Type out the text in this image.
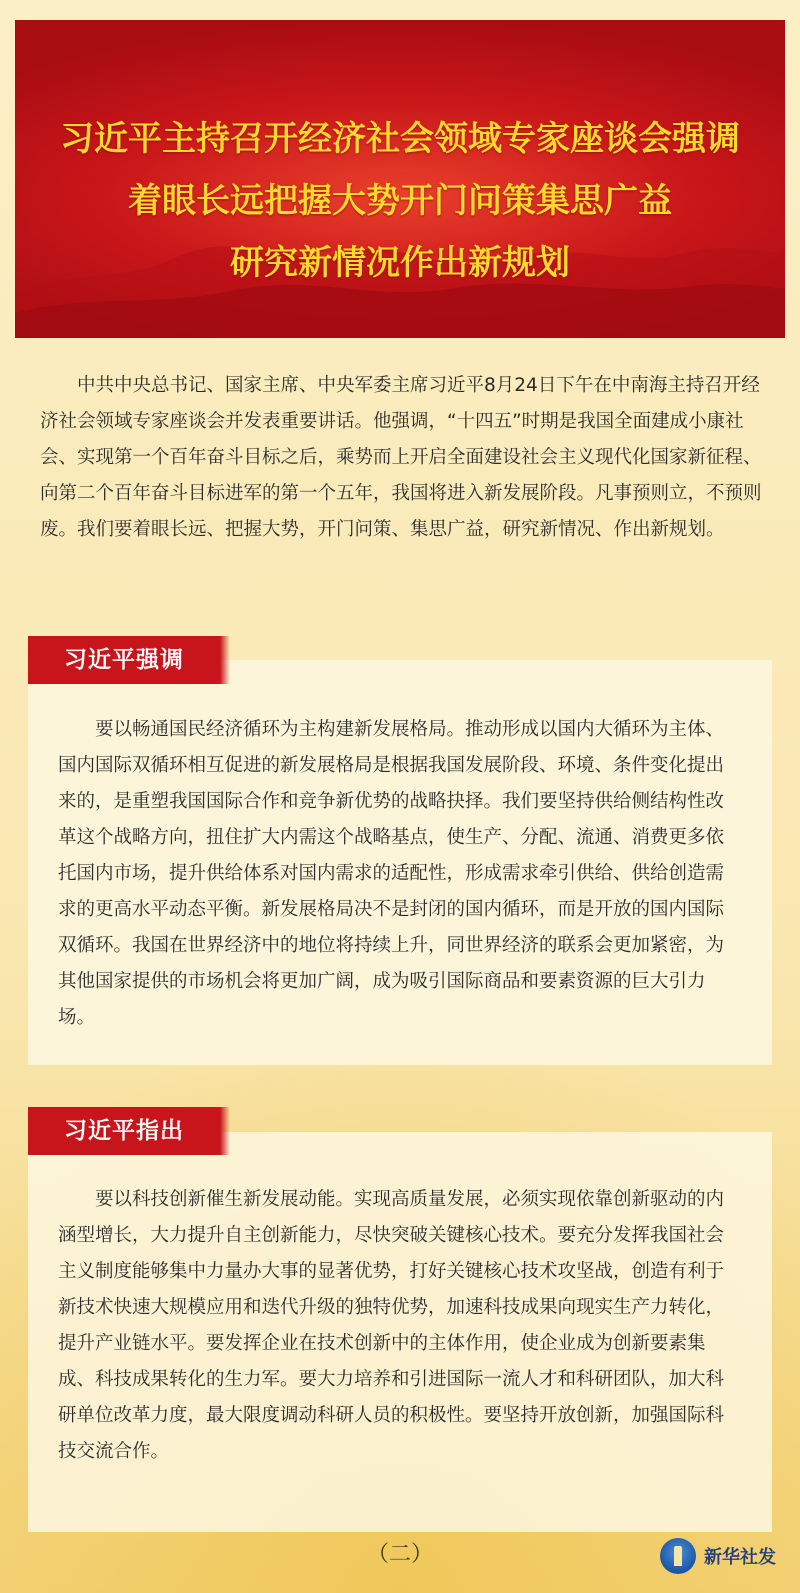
习近平主持召开经济社会领域专家座谈会强调
着眼长远把握大势开门问策集思广益
研究新情况作出新规划
中共中央总书记、国家主席、中央军委主席习近平8月24日下午在中南海主持召开经济社会领域专家座谈会并发表重要讲话。他强调，“十四五”时期是我国全面建成小康社会、实现第一个百年奋斗目标之后，乘势而上开启全面建设社会主义现代化国家新征程、向第二个百年奋斗目标进军的第一个五年，我国将进入新发展阶段。凡事预则立，不预则废。我们要着眼长远、把握大势，开门问策、集思广益，研究新情况、作出新规划。
习近平强调
要以畅通国民经济循环为主构建新发展格局。推动形成以国内大循环为主体、国内国际双循环相互促进的新发展格局是根据我国发展阶段、环境、条件变化提出来的，是重塑我国国际合作和竞争新优势的战略抉择。我们要坚持供给侧结构性改革这个战略方向，扭住扩大内需这个战略基点，使生产、分配、流通、消费更多依托国内市场，提升供给体系对国内需求的适配性，形成需求牵引供给、供给创造需求的更高水平动态平衡。新发展格局决不是封闭的国内循环，而是开放的国内国际双循环。我国在世界经济中的地位将持续上升，同世界经济的联系会更加紧密，为其他国家提供的市场机会将更加广阔，成为吸引国际商品和要素资源的巨大引力场。
习近平指出
要以科技创新催生新发展动能。实现高质量发展，必须实现依靠创新驱动的内涵型增长，大力提升自主创新能力，尽快突破关键核心技术。要充分发挥我国社会主义制度能够集中力量办大事的显著优势，打好关键核心技术攻坚战，创造有利于新技术快速大规模应用和迭代升级的独特优势，加速科技成果向现实生产力转化，提升产业链水平。要发挥企业在技术创新中的主体作用，使企业成为创新要素集成、科技成果转化的生力军。要大力培养和引进国际一流人才和科研团队，加大科研单位改革力度，最大限度调动科研人员的积极性。要坚持开放创新，加强国际科技交流合作。
（二）	新华社发
